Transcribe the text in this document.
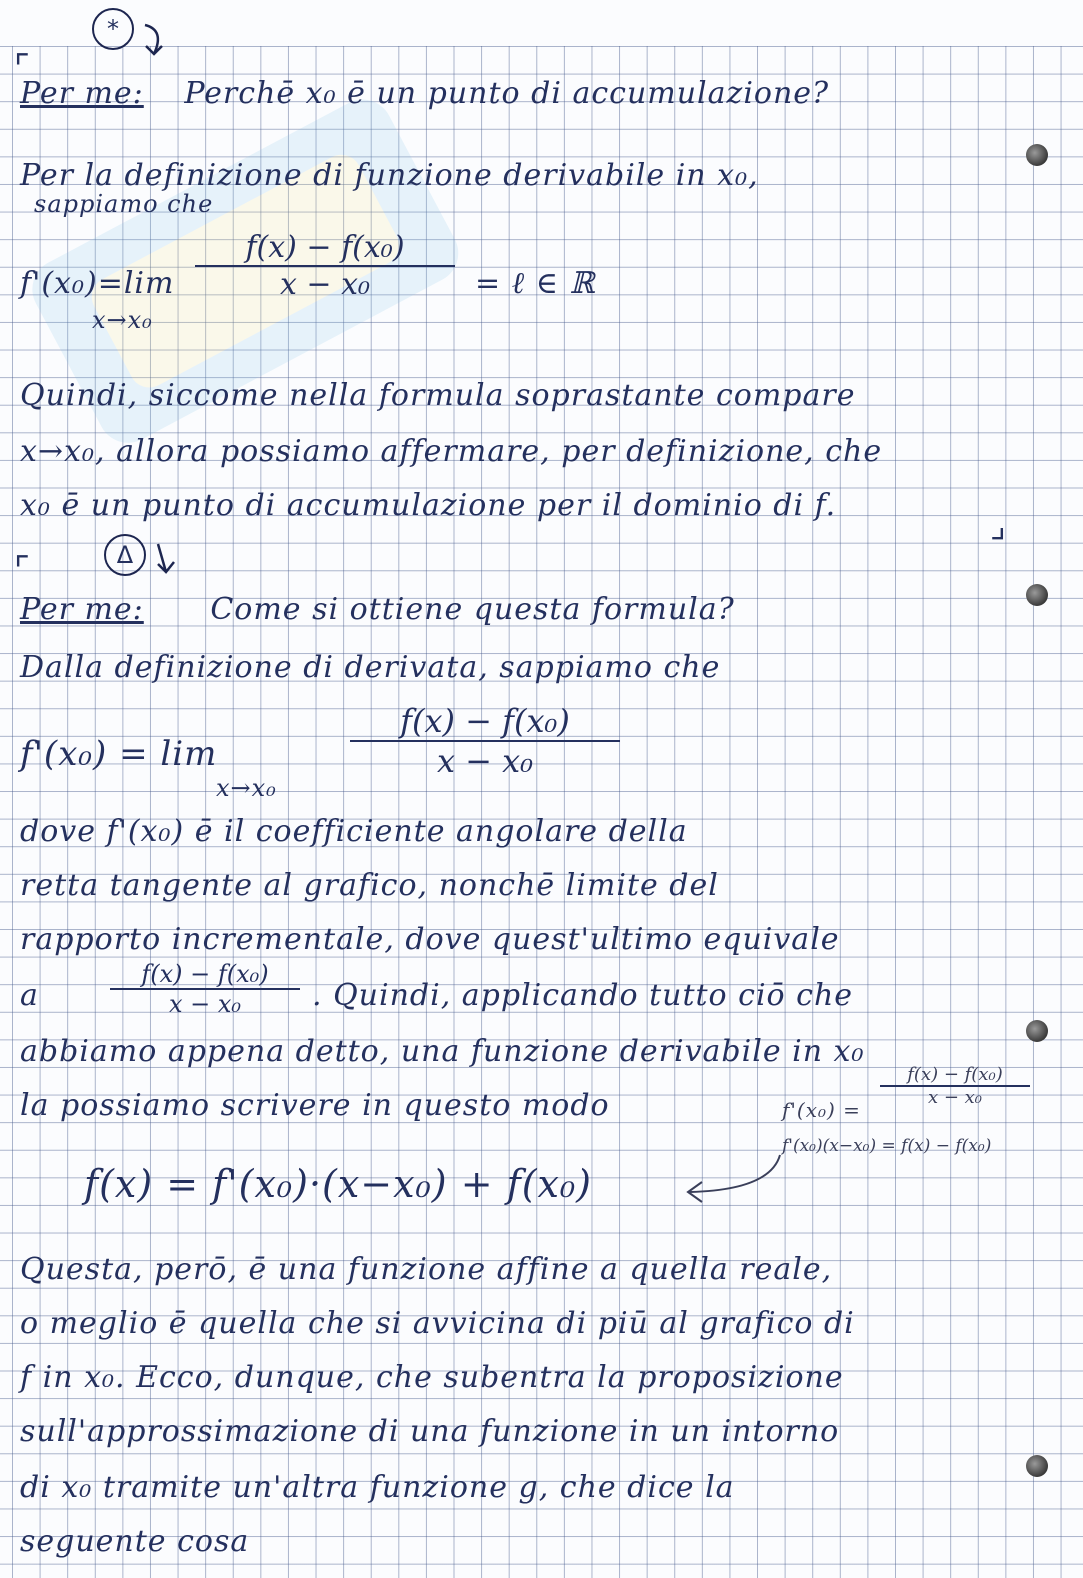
*
⌜
Per me: Perchē x₀ ē un punto di accumulazione?
Per la definizione di funzione derivabile in x₀,
sappiamo che
f'(x₀)=lim
x→x₀
$\frac{\text{f(x) − f(x₀)}}{\text{x − x₀}}$ = ℓ ∈ ℝ
Quindi, siccome nella formula soprastante compare
x→x₀, allora possiamo affermare, per definizione, che
x₀ ē un punto di accumulazione per il dominio di f.
⌟
⌜	Δ
Per me: Come si ottiene questa formula?
Dalla definizione di derivata, sappiamo che
f'(x₀) = lim
x→x₀
$\frac{\text{f(x) − f(x₀)}}{\text{x − x₀}}$
dove f'(x₀) ē il coefficiente angolare della
retta tangente al grafico, nonchē limite del
rapporto incrementale, dove quest'ultimo equivale
a	$\frac{\text{f(x) − f(x₀)}}{\text{x − x₀}}$ . Quindi, applicando tutto ciō che
abbiamo appena detto, una funzione derivabile in x₀
la possiamo scrivere in questo modo	f'(x₀) =
$\frac{\text{f(x) − f(x₀)}}{\text{x − x₀}}$
f'(x₀)(x−x₀) = f(x) − f(x₀)
f(x) = f'(x₀)·(x−x₀) + f(x₀)
Questa, perō, ē una funzione affine a quella reale,
o meglio ē quella che si avvicina di piū al grafico di
f in x₀. Ecco, dunque, che subentra la proposizione
sull'approssimazione di una funzione in un intorno
di x₀ tramite un'altra funzione g, che dice la
seguente cosa
